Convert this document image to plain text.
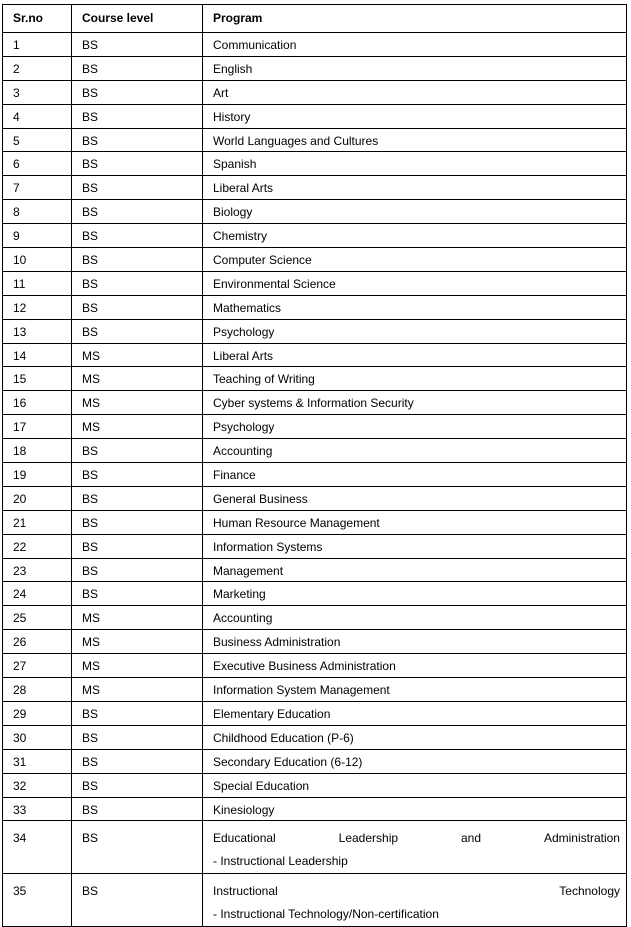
Sr.no	Course level	Program
1	BS	Communication
2	BS	English
3	BS	Art
4	BS	History
5	BS	World Languages and Cultures
6	BS	Spanish
7	BS	Liberal Arts
8	BS	Biology
9	BS	Chemistry
10	BS	Computer Science
11	BS	Environmental Science
12	BS	Mathematics
13	BS	Psychology
14	MS	Liberal Arts
15	MS	Teaching of Writing
16	MS	Cyber systems & Information Security
17	MS	Psychology
18	BS	Accounting
19	BS	Finance
20	BS	General Business
21	BS	Human Resource Management
22	BS	Information Systems
23	BS	Management
24	BS	Marketing
25	MS	Accounting
26	MS	Business Administration
27	MS	Executive Business Administration
28	MS	Information System Management
29	BS	Elementary Education
30	BS	Childhood Education (P-6)
31	BS	Secondary Education (6-12)
32	BS	Special Education
33	BS	Kinesiology
34	BS	Educational Leadership and Administration
- Instructional Leadership

35	BS	Instructional Technology
- Instructional Technology/Non-certification
